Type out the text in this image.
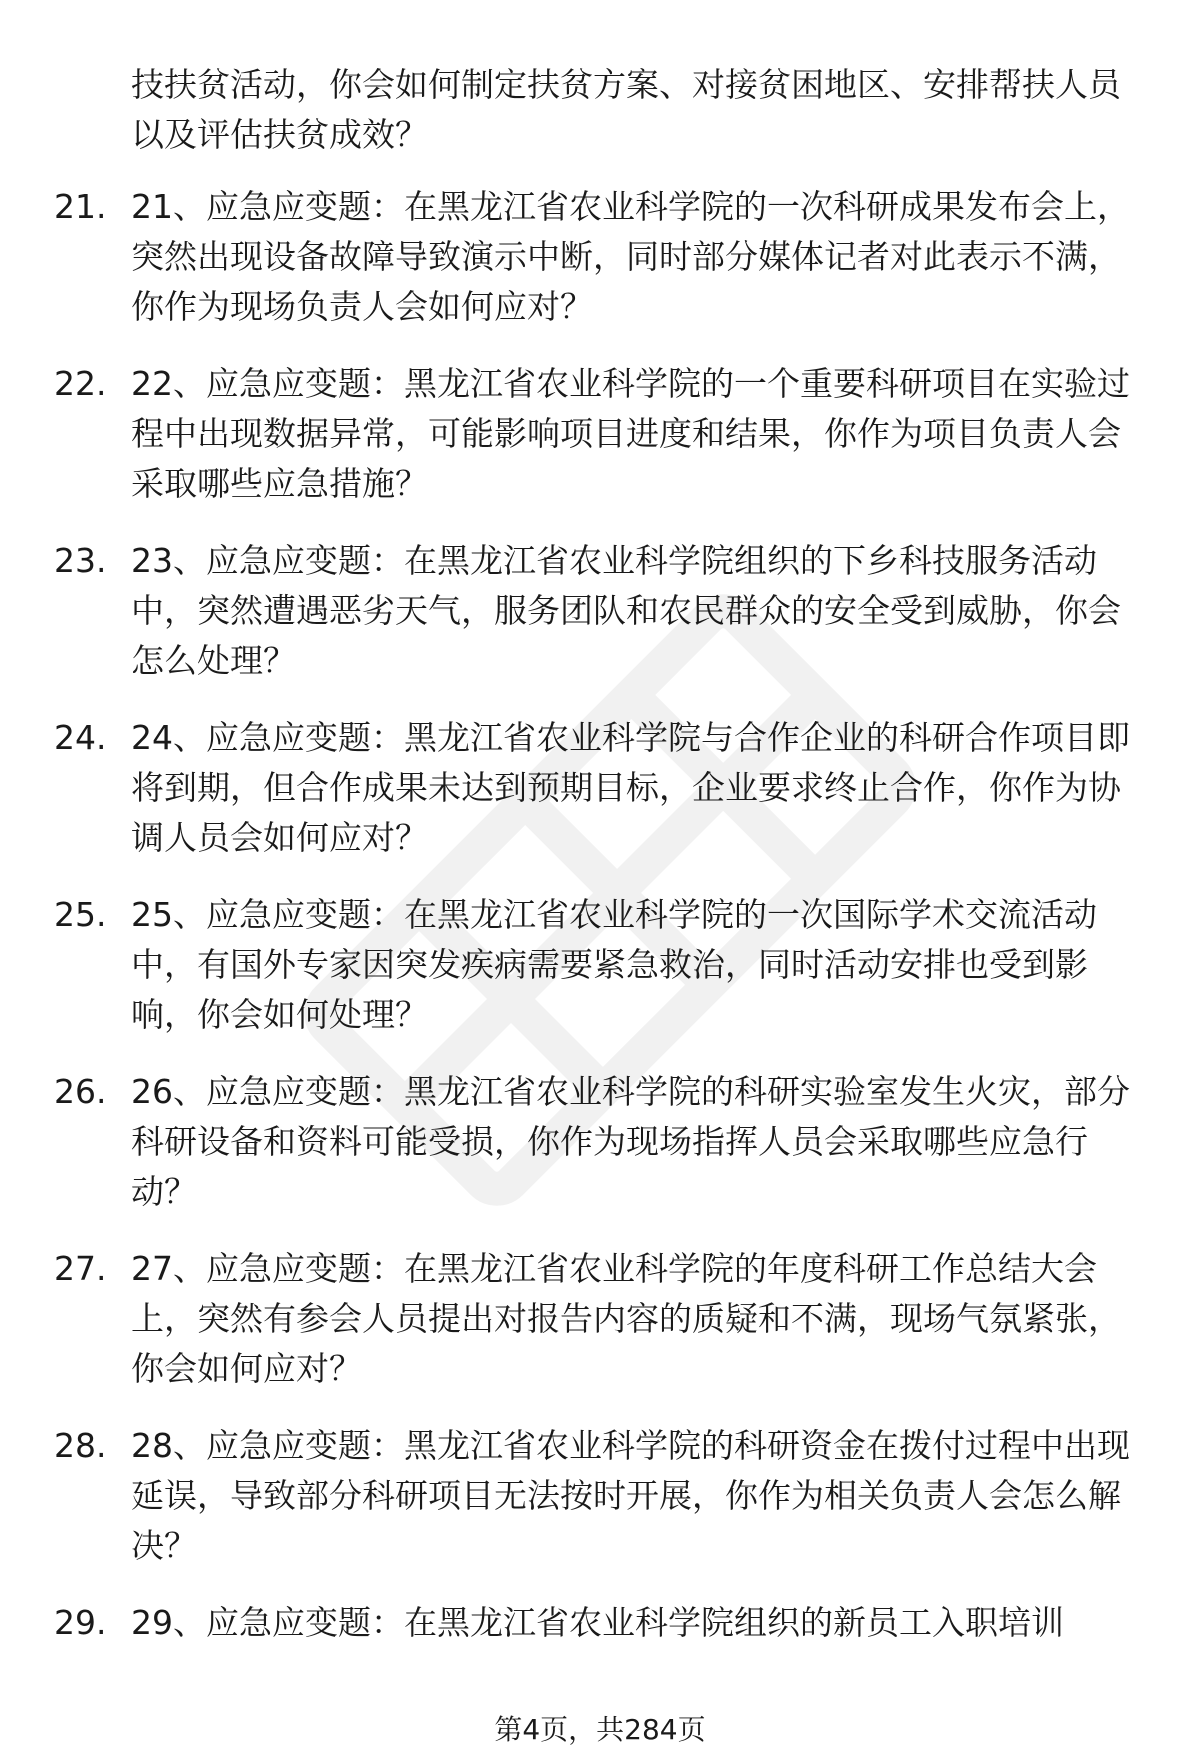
技扶贫活动，你会如何制定扶贫方案、对接贫困地区、安排帮扶人员以及评估扶贫成效？

21. 21、应急应变题：在黑龙江省农业科学院的一次科研成果发布会上，突然出现设备故障导致演示中断，同时部分媒体记者对此表示不满，你作为现场负责人会如何应对？

22. 22、应急应变题：黑龙江省农业科学院的一个重要科研项目在实验过程中出现数据异常，可能影响项目进度和结果，你作为项目负责人会采取哪些应急措施？

23. 23、应急应变题：在黑龙江省农业科学院组织的下乡科技服务活动中，突然遭遇恶劣天气，服务团队和农民群众的安全受到威胁，你会怎么处理？

24. 24、应急应变题：黑龙江省农业科学院与合作企业的科研合作项目即将到期，但合作成果未达到预期目标，企业要求终止合作，你作为协调人员会如何应对？

25. 25、应急应变题：在黑龙江省农业科学院的一次国际学术交流活动中，有国外专家因突发疾病需要紧急救治，同时活动安排也受到影响，你会如何处理？

26. 26、应急应变题：黑龙江省农业科学院的科研实验室发生火灾，部分科研设备和资料可能受损，你作为现场指挥人员会采取哪些应急行动？

27. 27、应急应变题：在黑龙江省农业科学院的年度科研工作总结大会上，突然有参会人员提出对报告内容的质疑和不满，现场气氛紧张，你会如何应对？

28. 28、应急应变题：黑龙江省农业科学院的科研资金在拨付过程中出现延误，导致部分科研项目无法按时开展，你作为相关负责人会怎么解决？

29. 29、应急应变题：在黑龙江省农业科学院组织的新员工入职培训

第4页，共284页
